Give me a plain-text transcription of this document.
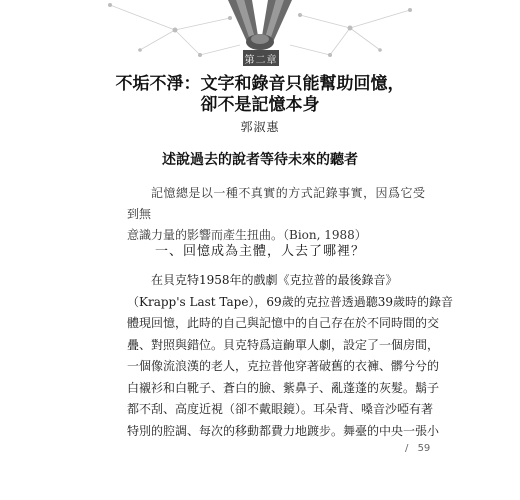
第二章
不垢不淨：文字和錄音只能幫助回憶，
卻不是記憶本身
郭淑惠
述說過去的說者等待未來的聽者

記憶總是以一種不真實的方式記錄事實，因爲它受到無

意識力量的影響而產生扭曲。（Bion, 1988）

一、回憶成為主體，人去了哪裡？

　　在貝克特1958年的戲劇《克拉普的最後錄音》

（Krapp's Last Tape），69歲的克拉普透過聽39歲時的錄音

體現回憶，此時的自己與記憶中的自己存在於不同時間的交

疊、對照與錯位。貝克特爲這齣單人劇，設定了一個房間，

一個像流浪漢的老人，克拉普他穿著破舊的衣褲、髒兮兮的

白襯衫和白靴子、蒼白的臉、紫鼻子、亂蓬蓬的灰髮。鬍子

都不刮、高度近視（卻不戴眼鏡）。耳朵背、嗓音沙啞有著

特別的腔調、每次的移動都費力地踱步。舞臺的中央一張小

/ 59
